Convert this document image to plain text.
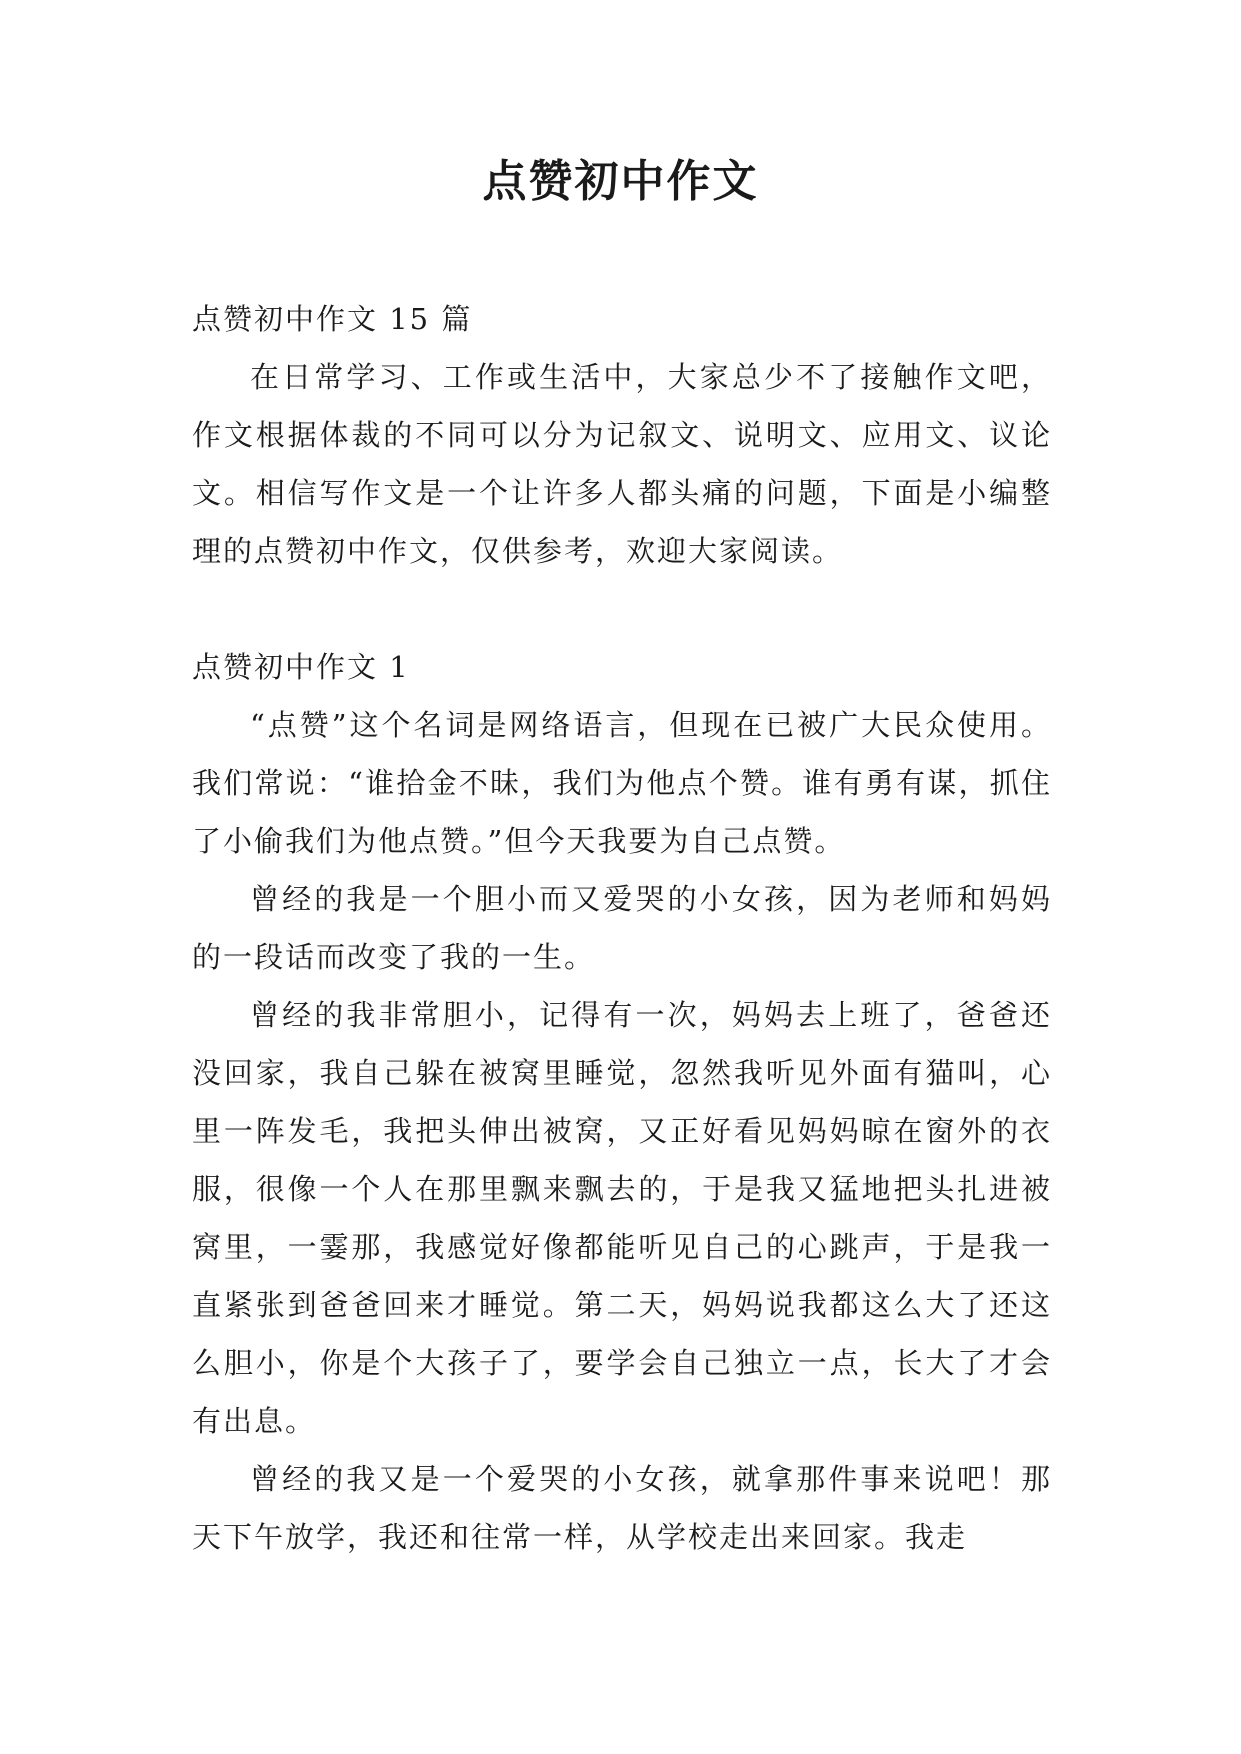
点赞初中作文

点赞初中作文 15 篇

在日常学习、工作或生活中，大家总少不了接触作文吧，作文根据体裁的不同可以分为记叙文、说明文、应用文、议论文。相信写作文是一个让许多人都头痛的问题，下面是小编整理的点赞初中作文，仅供参考，欢迎大家阅读。

点赞初中作文 1

“点赞”这个名词是网络语言，但现在已被广大民众使用。我们常说：“谁拾金不昧，我们为他点个赞。谁有勇有谋，抓住了小偷我们为他点赞。”但今天我要为自己点赞。

曾经的我是一个胆小而又爱哭的小女孩，因为老师和妈妈的一段话而改变了我的一生。

曾经的我非常胆小，记得有一次，妈妈去上班了，爸爸还没回家，我自己躲在被窝里睡觉，忽然我听见外面有猫叫，心里一阵发毛，我把头伸出被窝，又正好看见妈妈晾在窗外的衣服，很像一个人在那里飘来飘去的，于是我又猛地把头扎进被窝里，一霎那，我感觉好像都能听见自己的心跳声，于是我一直紧张到爸爸回来才睡觉。第二天，妈妈说我都这么大了还这么胆小，你是个大孩子了，要学会自己独立一点，长大了才会有出息。

曾经的我又是一个爱哭的小女孩，就拿那件事来说吧！那天下午放学，我还和往常一样，从学校走出来回家。我走
